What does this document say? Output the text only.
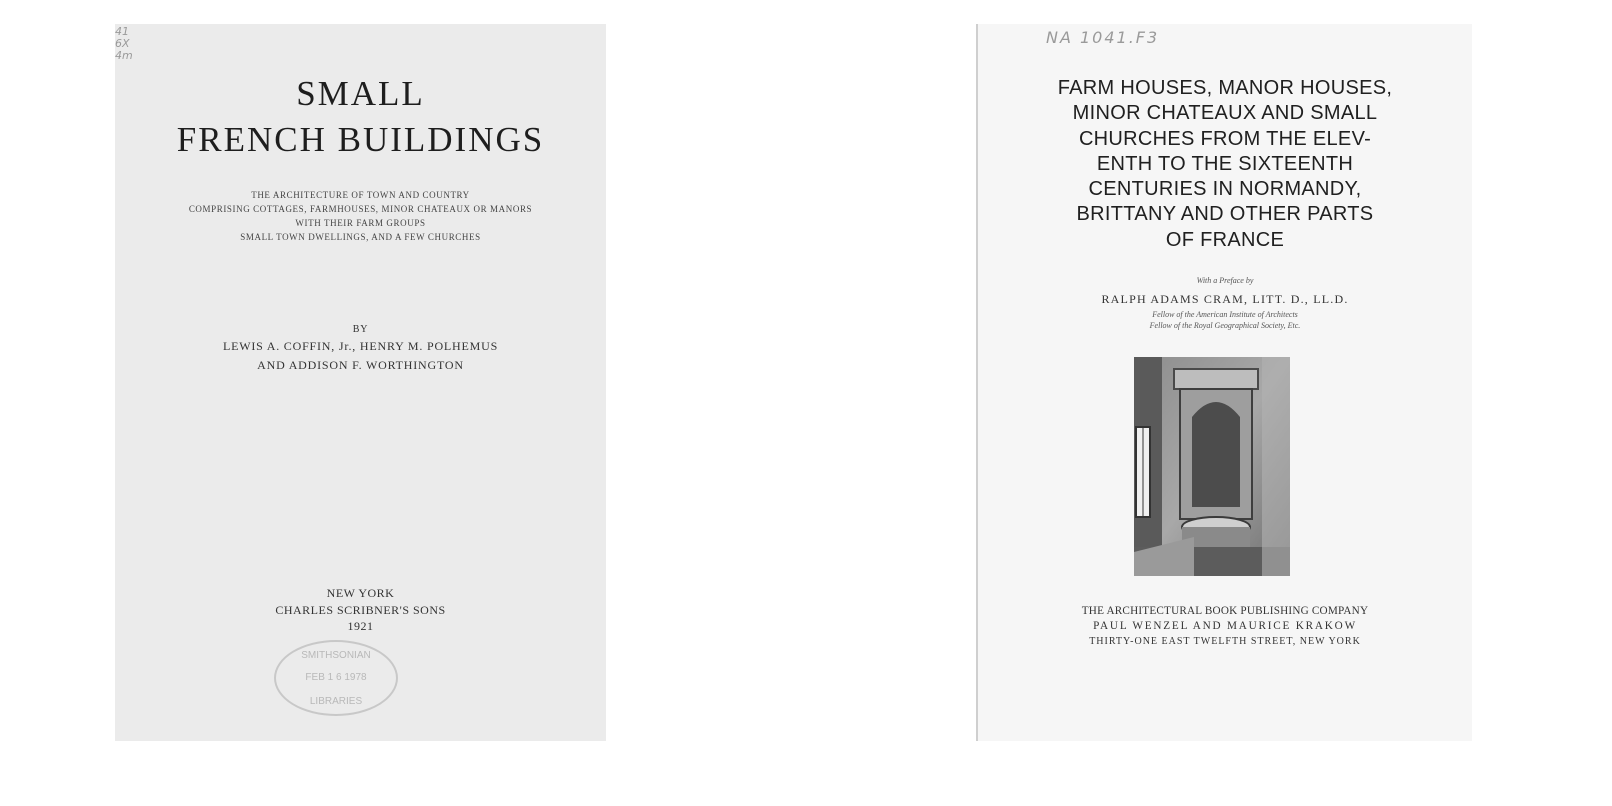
41
6X
4m
SMALL
FRENCH BUILDINGS
THE ARCHITECTURE OF TOWN AND COUNTRY
COMPRISING COTTAGES, FARMHOUSES, MINOR CHATEAUX OR MANORS
WITH THEIR FARM GROUPS
SMALL TOWN DWELLINGS, AND A FEW CHURCHES
BY
LEWIS A. COFFIN, Jr., HENRY M. POLHEMUS
AND ADDISON F. WORTHINGTON
NEW YORK
CHARLES SCRIBNER'S SONS
1921
SMITHSONIAN
FEB 1 6 1978
LIBRARIES
NA 1041.F3
FARM HOUSES, MANOR HOUSES,
MINOR CHATEAUX AND SMALL
CHURCHES FROM THE ELEV-
ENTH TO THE SIXTEENTH
CENTURIES IN NORMANDY,
BRITTANY AND OTHER PARTS
OF FRANCE
With a Preface by
RALPH ADAMS CRAM, LITT. D., LL.D.
Fellow of the American Institute of Architects
Fellow of the Royal Geographical Society, Etc.
THE ARCHITECTURAL BOOK PUBLISHING COMPANY
PAUL WENZEL AND MAURICE KRAKOW
THIRTY-ONE EAST TWELFTH STREET, NEW YORK
